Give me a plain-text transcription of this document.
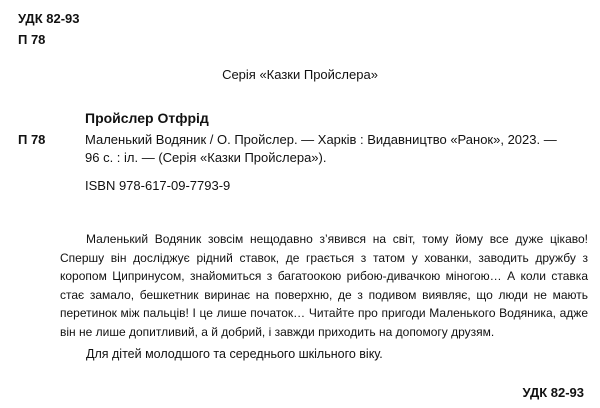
УДК 82-93
П 78
Серія «Казки Пройслера»
Пройслер Отфрід
П 78	Маленький Водяник / О. Пройслер. — Харків : Видавництво «Ранок», 2023. —
96 с. : іл. — (Серія «Казки Пройслера»).
ISBN 978-617-09-7793-9

Маленький Водяник зовсім нещодавно з’явився на світ, тому йому все дуже цікаво! Спершу він досліджує рідний ставок, де грається з татом у хованки, заводить дружбу з коропом Ципринусом, знайомиться з багатоокою рибою-дивачкою міногою… А коли ставка стає замало, бешкетник виринає на поверхню, де з подивом виявляє, що люди не мають перетинок між пальців! І це лише початок… Читайте про пригоди Маленького Водяника, адже він не лише допитливий, а й добрий, і завжди приходить на допомогу друзям.

Для дітей молодшого та середнього шкільного віку.
УДК 82-93
